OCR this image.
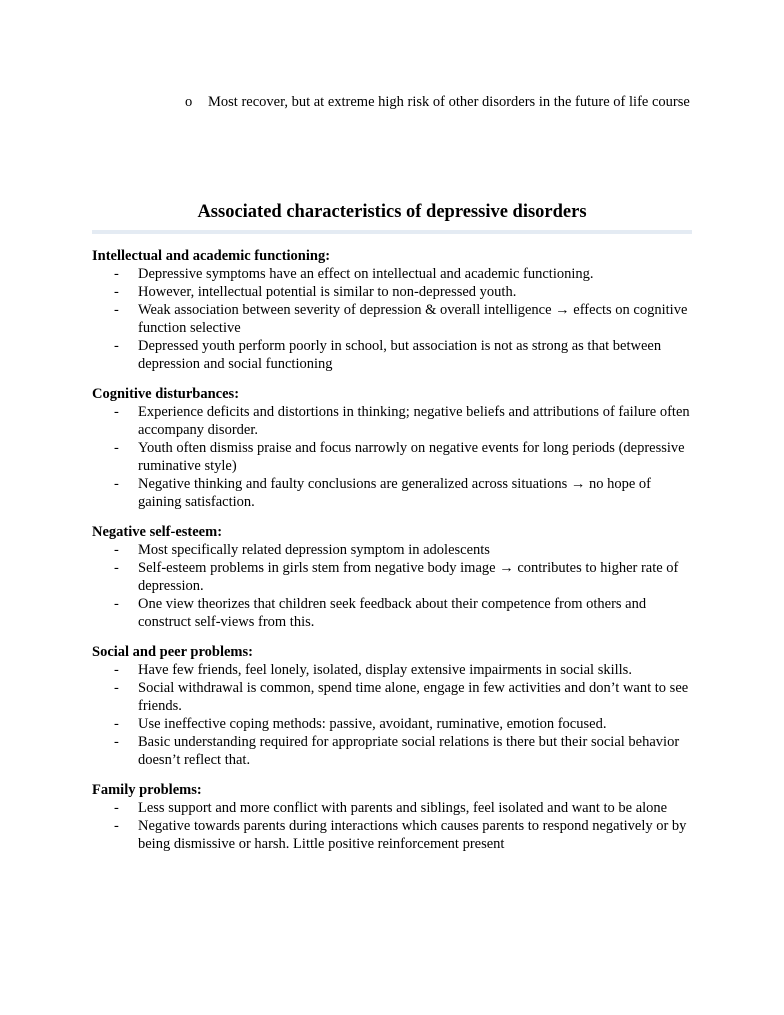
o Most recover, but at extreme high risk of other disorders in the future of life course
Associated characteristics of depressive disorders

Intellectual and academic functioning:

- Depressive symptoms have an effect on intellectual and academic functioning.
- However, intellectual potential is similar to non-depressed youth.
- Weak association between severity of depression & overall intelligence → effects on cognitive function selective
- Depressed youth perform poorly in school, but association is not as strong as that between depression and social functioning

Cognitive disturbances:

- Experience deficits and distortions in thinking; negative beliefs and attributions of failure often accompany disorder.
- Youth often dismiss praise and focus narrowly on negative events for long periods (depressive ruminative style)
- Negative thinking and faulty conclusions are generalized across situations → no hope of gaining satisfaction.

Negative self-esteem:

- Most specifically related depression symptom in adolescents
- Self-esteem problems in girls stem from negative body image → contributes to higher rate of depression.
- One view theorizes that children seek feedback about their competence from others and construct self-views from this.

Social and peer problems:

- Have few friends, feel lonely, isolated, display extensive impairments in social skills.
- Social withdrawal is common, spend time alone, engage in few activities and don’t want to see friends.
- Use ineffective coping methods: passive, avoidant, ruminative, emotion focused.
- Basic understanding required for appropriate social relations is there but their social behavior doesn’t reflect that.

Family problems:

- Less support and more conflict with parents and siblings, feel isolated and want to be alone
- Negative towards parents during interactions which causes parents to respond negatively or by being dismissive or harsh. Little positive reinforcement present
